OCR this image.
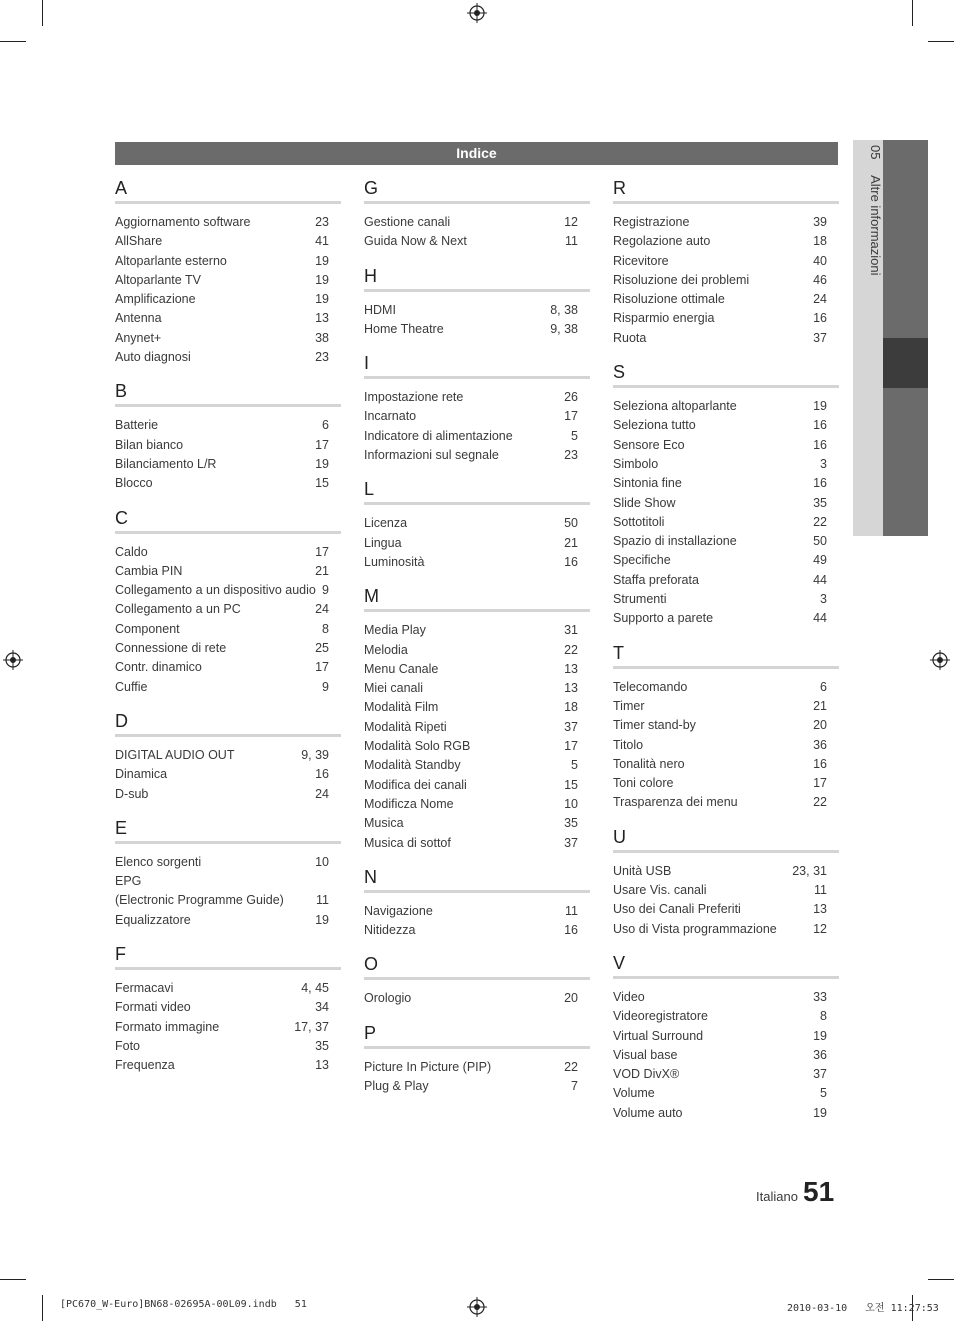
Indice	05 Altre informazioni
A
Aggiornamento software	23
AllShare	41
Altoparlante esterno	19
Altoparlante TV	19
Amplificazione	19
Antenna	13
Anynet+	38
Auto diagnosi	23
B
Batterie	6
Bilan bianco	17
Bilanciamento L/R	19
Blocco	15
C
Caldo	17
Cambia PIN	21
Collegamento a un dispositivo audio 9
Collegamento a un PC	24
Component	8
Connessione di rete	25
Contr. dinamico	17
Cuffie	9
D
DIGITAL AUDIO OUT	9, 39
Dinamica	16
D-sub	24
E
Elenco sorgenti	10
EPG
(Electronic Programme Guide)	11
Equalizzatore	19
F
Fermacavi	4, 45
Formati video	34
Formato immagine	17, 37
Foto	35
Frequenza	13
G
Gestione canali	12
Guida Now & Next	11
H
HDMI	8, 38
Home Theatre	9, 38
I
Impostazione rete	26
Incarnato	17
Indicatore di alimentazione	5
Informazioni sul segnale	23
L
Licenza	50
Lingua	21
Luminosità	16
M
Media Play	31
Melodia	22
Menu Canale	13
Miei canali	13
Modalità Film	18
Modalità Ripeti	37
Modalità Solo RGB	17
Modalità Standby	5
Modifica dei canali	15
Modificza Nome	10
Musica	35
Musica di sottof	37
N
Navigazione	11
Nitidezza	16
O
Orologio	20
P
Picture In Picture (PIP)	22
Plug & Play	7
R
Registrazione	39
Regolazione auto	18
Ricevitore	40
Risoluzione dei problemi	46
Risoluzione ottimale	24
Risparmio energia	16
Ruota	37
S
Seleziona altoparlante	19
Seleziona tutto	16
Sensore Eco	16
Simbolo	3
Sintonia fine	16
Slide Show	35
Sottotitoli	22
Spazio di installazione	50
Specifiche	49
Staffa preforata	44
Strumenti	3
Supporto a parete	44
T
Telecomando	6
Timer	21
Timer stand-by	20
Titolo	36
Tonalità nero	16
Toni colore	17
Trasparenza dei menu	22
U
Unità USB	23, 31
Usare Vis. canali	11
Uso dei Canali Preferiti	13
Uso di Vista programmazione	12
V
Video	33
Videoregistratore	8
Virtual Surround	19
Visual base	36
VOD DivX®	37
Volume	5
Volume auto	19
Italiano 51
[PC670_W-Euro]BN68-02695A-00L09.indb   51	2010-03-10   오전 11:27:53
